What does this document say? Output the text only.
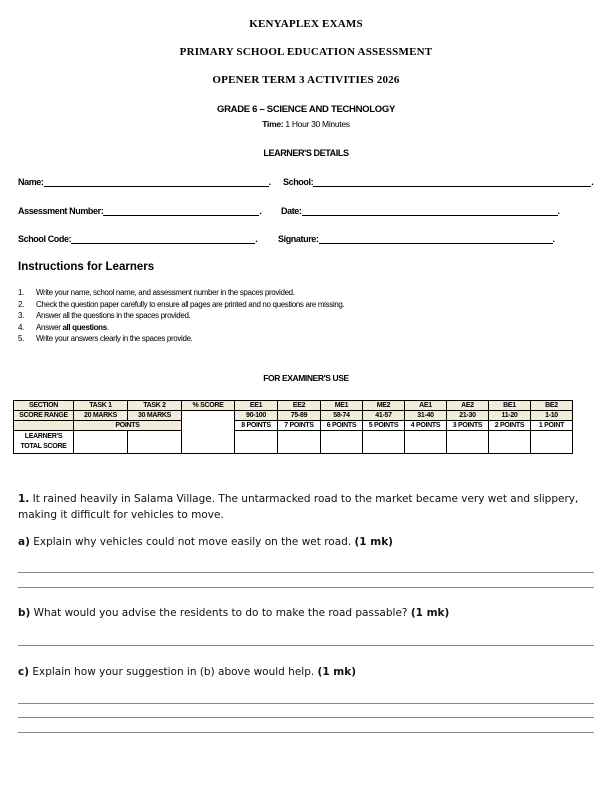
KENYAPLEX EXAMS
PRIMARY SCHOOL EDUCATION ASSESSMENT
OPENER TERM 3 ACTIVITIES 2026
GRADE 6 – SCIENCE AND TECHNOLOGY
Time: 1 Hour 30 Minutes
LEARNER'S DETAILS
Name:	. School:	.
Assessment Number:	. Date:	.
School Code:	. Signature:	.
Instructions for Learners
1.	Write your name, school name, and assessment number in the spaces provided.
2.	Check the question paper carefully to ensure all pages are printed and no questions are missing.
3.	Answer all the questions in the spaces provided.
4.	Answer all questions.
5.	Write your answers clearly in the spaces provide.
FOR EXAMINER'S USE
SECTION	TASK 1	TASK 2	% SCORE	EE1	EE2	ME1	ME2	AE1	AE2	BE1	BE2
SCORE RANGE	20 MARKS	30 MARKS		90-100	75-89	58-74	41-57	31-40	21-30	11-20	1-10
	POINTS			8 POINTS	7 POINTS	6 POINTS	5 POINTS	4 POINTS	3 POINTS	2 POINTS	1 POINT
LEARNER'S
TOTAL SCORE											
1. It rained heavily in Salama Village. The untarmacked road to the market became very wet and slippery, making it difficult for vehicles to move.
a) Explain why vehicles could not move easily on the wet road. (1 mk)
b) What would you advise the residents to do to make the road passable? (1 mk)
c) Explain how your suggestion in (b) above would help. (1 mk)
